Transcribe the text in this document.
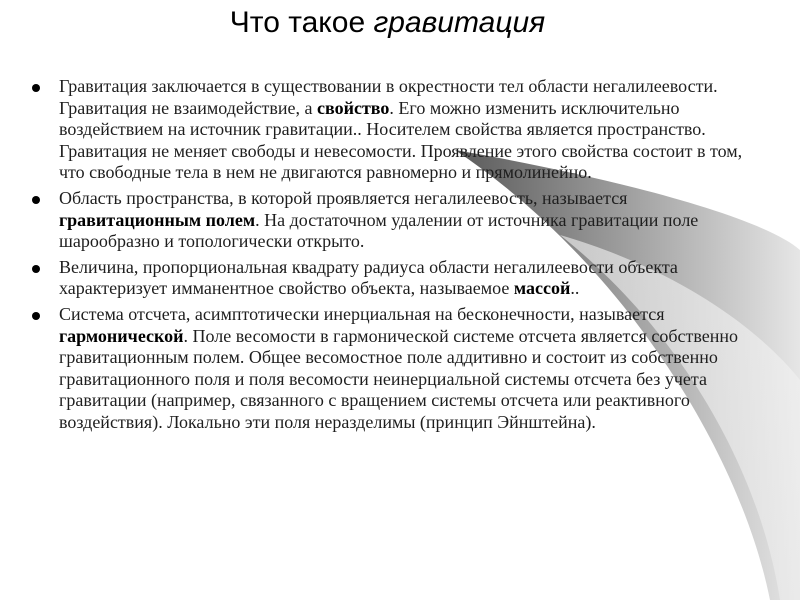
Что такое гравитация
Гравитация заключается в существовании в окрестности тел области негалилеевости. Гравитация не взаимодействие, а свойство. Его можно изменить исключительно воздействием на источник гравитации.. Носителем свойства является пространство. Гравитация не меняет свободы и невесомости. Проявление этого свойства состоит в том, что свободные тела в нем не двигаются равномерно и прямолинейно.
Область пространства, в которой проявляется негалилеевость, называется гравитационным полем. На достаточном удалении от источника гравитации поле шарообразно и топологически открыто.
Величина, пропорциональная квадрату радиуса области негалилеевости объекта характеризует имманентное свойство объекта, называемое массой..
Система отсчета, асимптотически инерциальная на бесконечности, называется гармонической. Поле весомости в гармонической системе отсчета является собственно гравитационным полем. Общее весомостное поле аддитивно и состоит из собственно гравитационного поля и поля весомости неинерциальной системы отсчета без учета гравитации (например, связанного с вращением системы отсчета или реактивного воздействия). Локально эти поля неразделимы (принцип Эйнштейна).
